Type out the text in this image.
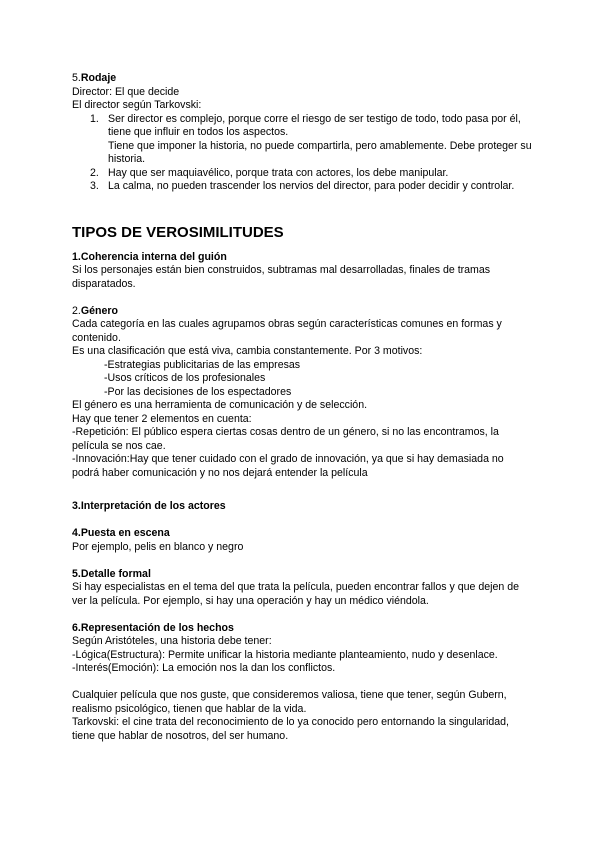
5.Rodaje

Director: El que decide

El director según Tarkovski:

1. Ser director es complejo, porque corre el riesgo de ser testigo de todo, todo pasa por él, tiene que influir en todos los aspectos.

Tiene que imponer la historia, no puede compartirla, pero amablemente. Debe proteger su historia.

2. Hay que ser maquiavélico, porque trata con actores, los debe manipular.

3. La calma, no pueden trascender los nervios del director, para poder decidir y controlar.

TIPOS DE VEROSIMILITUDES

1.Coherencia interna del guión

Si los personajes están bien construidos, subtramas mal desarrolladas, finales de tramas disparatados.

2.Género

Cada categoría en las cuales agrupamos obras según características comunes en formas y contenido.

Es una clasificación que está viva, cambia constantemente. Por 3 motivos:

-Estrategias publicitarias de las empresas

-Usos críticos de los profesionales

-Por las decisiones de los espectadores

El género es una herramienta de comunicación y de selección.

Hay que tener 2 elementos en cuenta:

-Repetición: El público espera ciertas cosas dentro de un género, si no las encontramos, la película se nos cae.

-Innovación:Hay que tener cuidado con el grado de innovación, ya que si hay demasiada no podrá haber comunicación y no nos dejará entender la película

3.Interpretación de los actores

4.Puesta en escena

Por ejemplo, pelis en blanco y negro

5.Detalle formal

Si hay especialistas en el tema del que trata la película, pueden encontrar fallos y que dejen de ver la película. Por ejemplo, si hay una operación y hay un médico viéndola.

6.Representación de los hechos

Según Aristóteles, una historia debe tener:

-Lógica(Estructura): Permite unificar la historia mediante planteamiento, nudo y desenlace.

-Interés(Emoción): La emoción nos la dan los conflictos.

Cualquier película que nos guste, que consideremos valiosa, tiene que tener, según Gubern, realismo psicológico, tienen que hablar de la vida.

Tarkovski: el cine trata del reconocimiento de lo ya conocido pero entornando la singularidad, tiene que hablar de nosotros, del ser humano.
